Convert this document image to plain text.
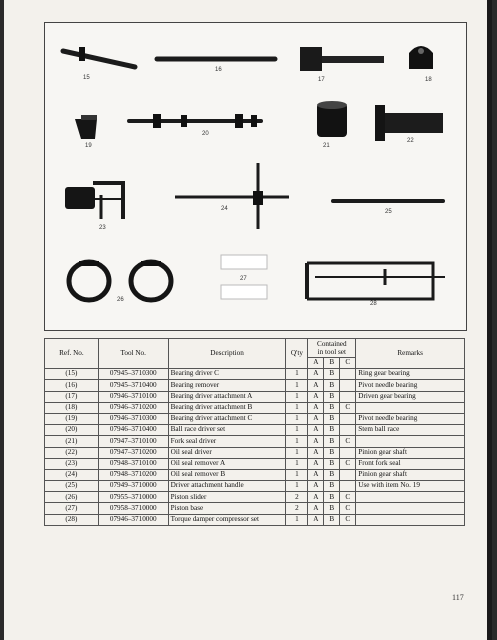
15
16
17	18
19
20
21
22
23
24	25
26
27
28
Ref. No.	Tool No.	Description	Q'ty	Contained
in tool set			Remarks
				A	B	C	
(15)	07945–3710300	Bearing driver C	1	A	B		Ring gear bearing
(16)	07945–3710400	Bearing remover	1	A	B		Pivot needle bearing
(17)	07946–3710100	Bearing driver attachment A	1	A	B		Driven gear bearing
(18)	07946–3710200	Bearing driver attachment B	1	A	B	C	
(19)	07946–3710300	Bearing driver attachment C	1	A	B		Pivot needle bearing
(20)	07946–3710400	Ball race driver set	1	A	B		Stem ball race
(21)	07947–3710100	Fork seal driver	1	A	B	C	
(22)	07947–3710200	Oil seal driver	1	A	B		Pinion gear shaft
(23)	07948–3710100	Oil seal remover A	1	A	B	C	Front fork seal
(24)	07948–3710200	Oil seal remover B	1	A	B		Pinion gear shaft
(25)	07949–3710000	Driver attachment handle	1	A	B		Use with item No. 19
(26)	07955–3710000	Piston slider	2	A	B	C	
(27)	07958–3710000	Piston base	2	A	B	C	
(28)	07946–3710000	Torque damper compressor set	1	A	B	C	
117
